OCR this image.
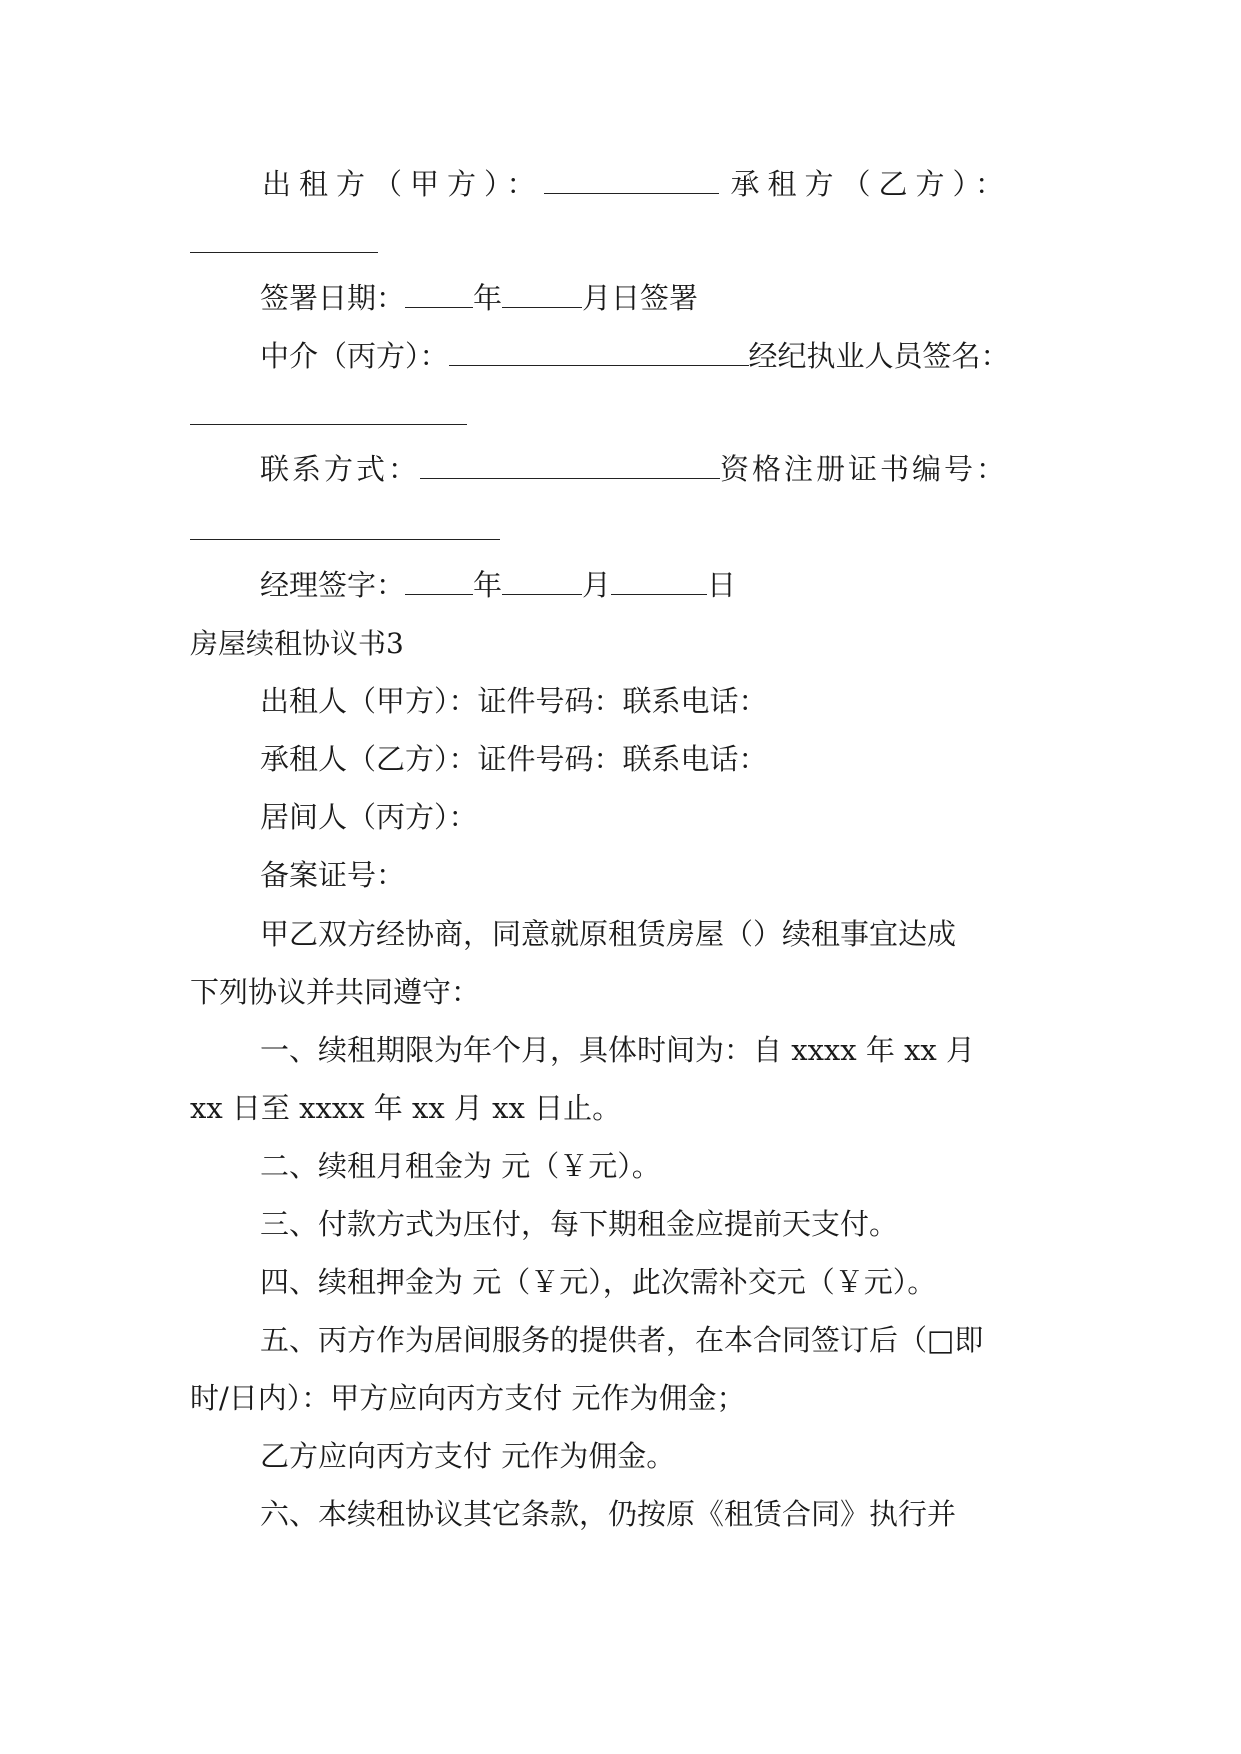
出租方（甲方）：	承租方（乙方）：
签署日期： 年	月日签署
中介（丙方）：	经纪执业人员签名：
联系方式：	资格注册证书编号：
经理签字： 年	月	日
房屋续租协议书3
出租人（甲方）：证件号码：联系电话：
承租人（乙方）：证件号码：联系电话：
居间人（丙方）：
备案证号：
甲乙双方经协商，同意就原租赁房屋（）续租事宜达成
下列协议并共同遵守：
一、续租期限为年个月，具体时间为：自 xxxx 年 xx 月
xx 日至 xxxx 年 xx 月 xx 日止。
二、续租月租金为 元（￥元）。
三、付款方式为压付，每下期租金应提前天支付。
四、续租押金为 元（￥元），此次需补交元（￥元）。
五、丙方作为居间服务的提供者，在本合同签订后（□即
时/日内）：甲方应向丙方支付 元作为佣金；
乙方应向丙方支付 元作为佣金。
六、本续租协议其它条款，仍按原《租赁合同》执行并
